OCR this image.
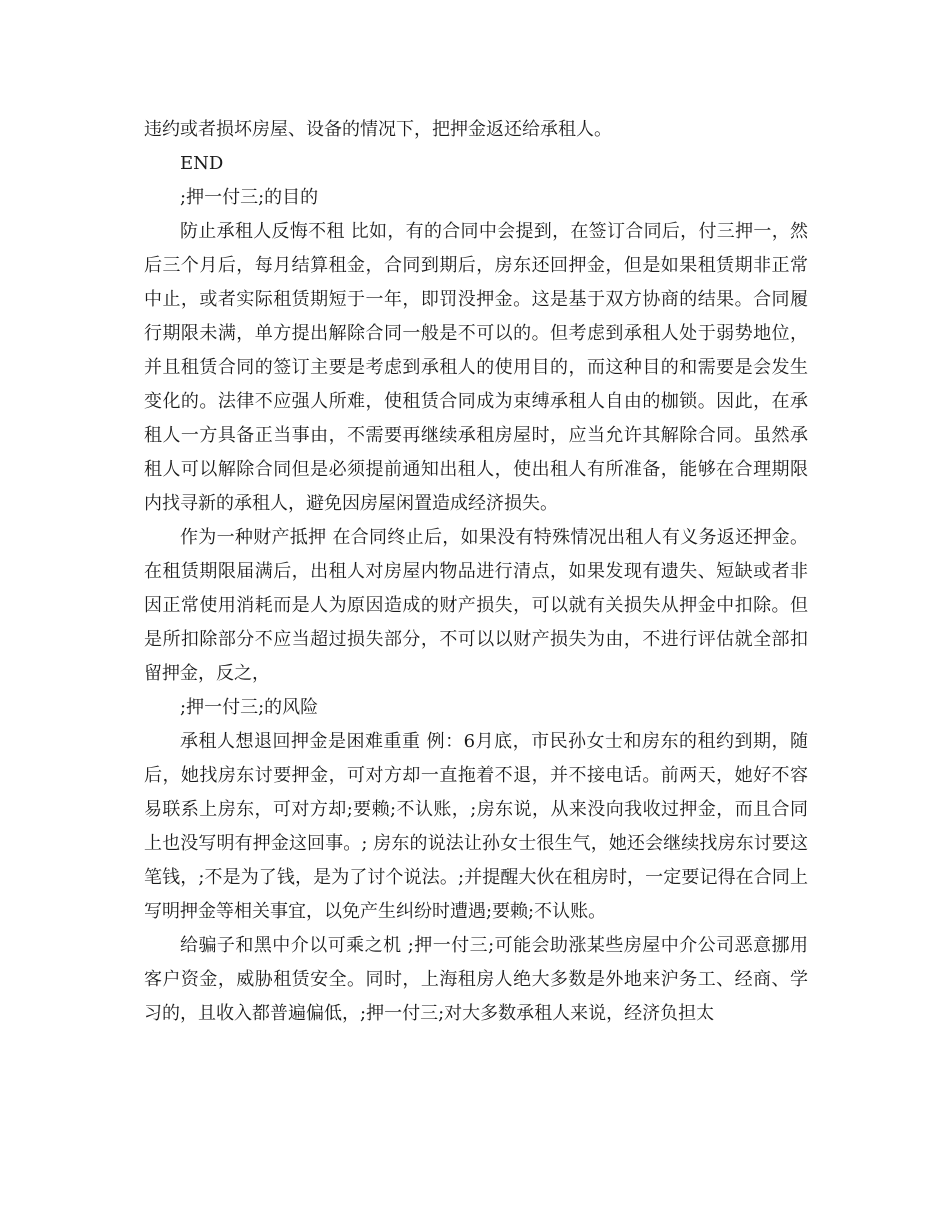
违约或者损坏房屋、设备的情况下，把押金返还给承租人。

END

;押一付三;的目的

防止承租人反悔不租 比如，有的合同中会提到，在签订合同后，付三押一，然后三个月后，每月结算租金，合同到期后，房东还回押金，但是如果租赁期非正常中止，或者实际租赁期短于一年，即罚没押金。这是基于双方协商的结果。合同履行期限未满，单方提出解除合同一般是不可以的。但考虑到承租人处于弱势地位，并且租赁合同的签订主要是考虑到承租人的使用目的，而这种目的和需要是会发生变化的。法律不应强人所难，使租赁合同成为束缚承租人自由的枷锁。因此，在承租人一方具备正当事由，不需要再继续承租房屋时，应当允许其解除合同。虽然承租人可以解除合同但是必须提前通知出租人，使出租人有所准备，能够在合理期限内找寻新的承租人，避免因房屋闲置造成经济损失。

作为一种财产抵押 在合同终止后，如果没有特殊情况出租人有义务返还押金。在租赁期限届满后，出租人对房屋内物品进行清点，如果发现有遗失、短缺或者非因正常使用消耗而是人为原因造成的财产损失，可以就有关损失从押金中扣除。但是所扣除部分不应当超过损失部分，不可以以财产损失为由，不进行评估就全部扣留押金，反之，

;押一付三;的风险

承租人想退回押金是困难重重 例：6月底，市民孙女士和房东的租约到期，随后，她找房东讨要押金，可对方却一直拖着不退，并不接电话。前两天，她好不容易联系上房东，可对方却;要赖;不认账，;房东说，从来没向我收过押金，而且合同上也没写明有押金这回事。; 房东的说法让孙女士很生气，她还会继续找房东讨要这笔钱，;不是为了钱，是为了讨个说法。;并提醒大伙在租房时，一定要记得在合同上写明押金等相关事宜，以免产生纠纷时遭遇;要赖;不认账。

给骗子和黑中介以可乘之机 ;押一付三;可能会助涨某些房屋中介公司恶意挪用客户资金，威胁租赁安全。同时，上海租房人绝大多数是外地来沪务工、经商、学习的，且收入都普遍偏低，;押一付三;对大多数承租人来说，经济负担太
